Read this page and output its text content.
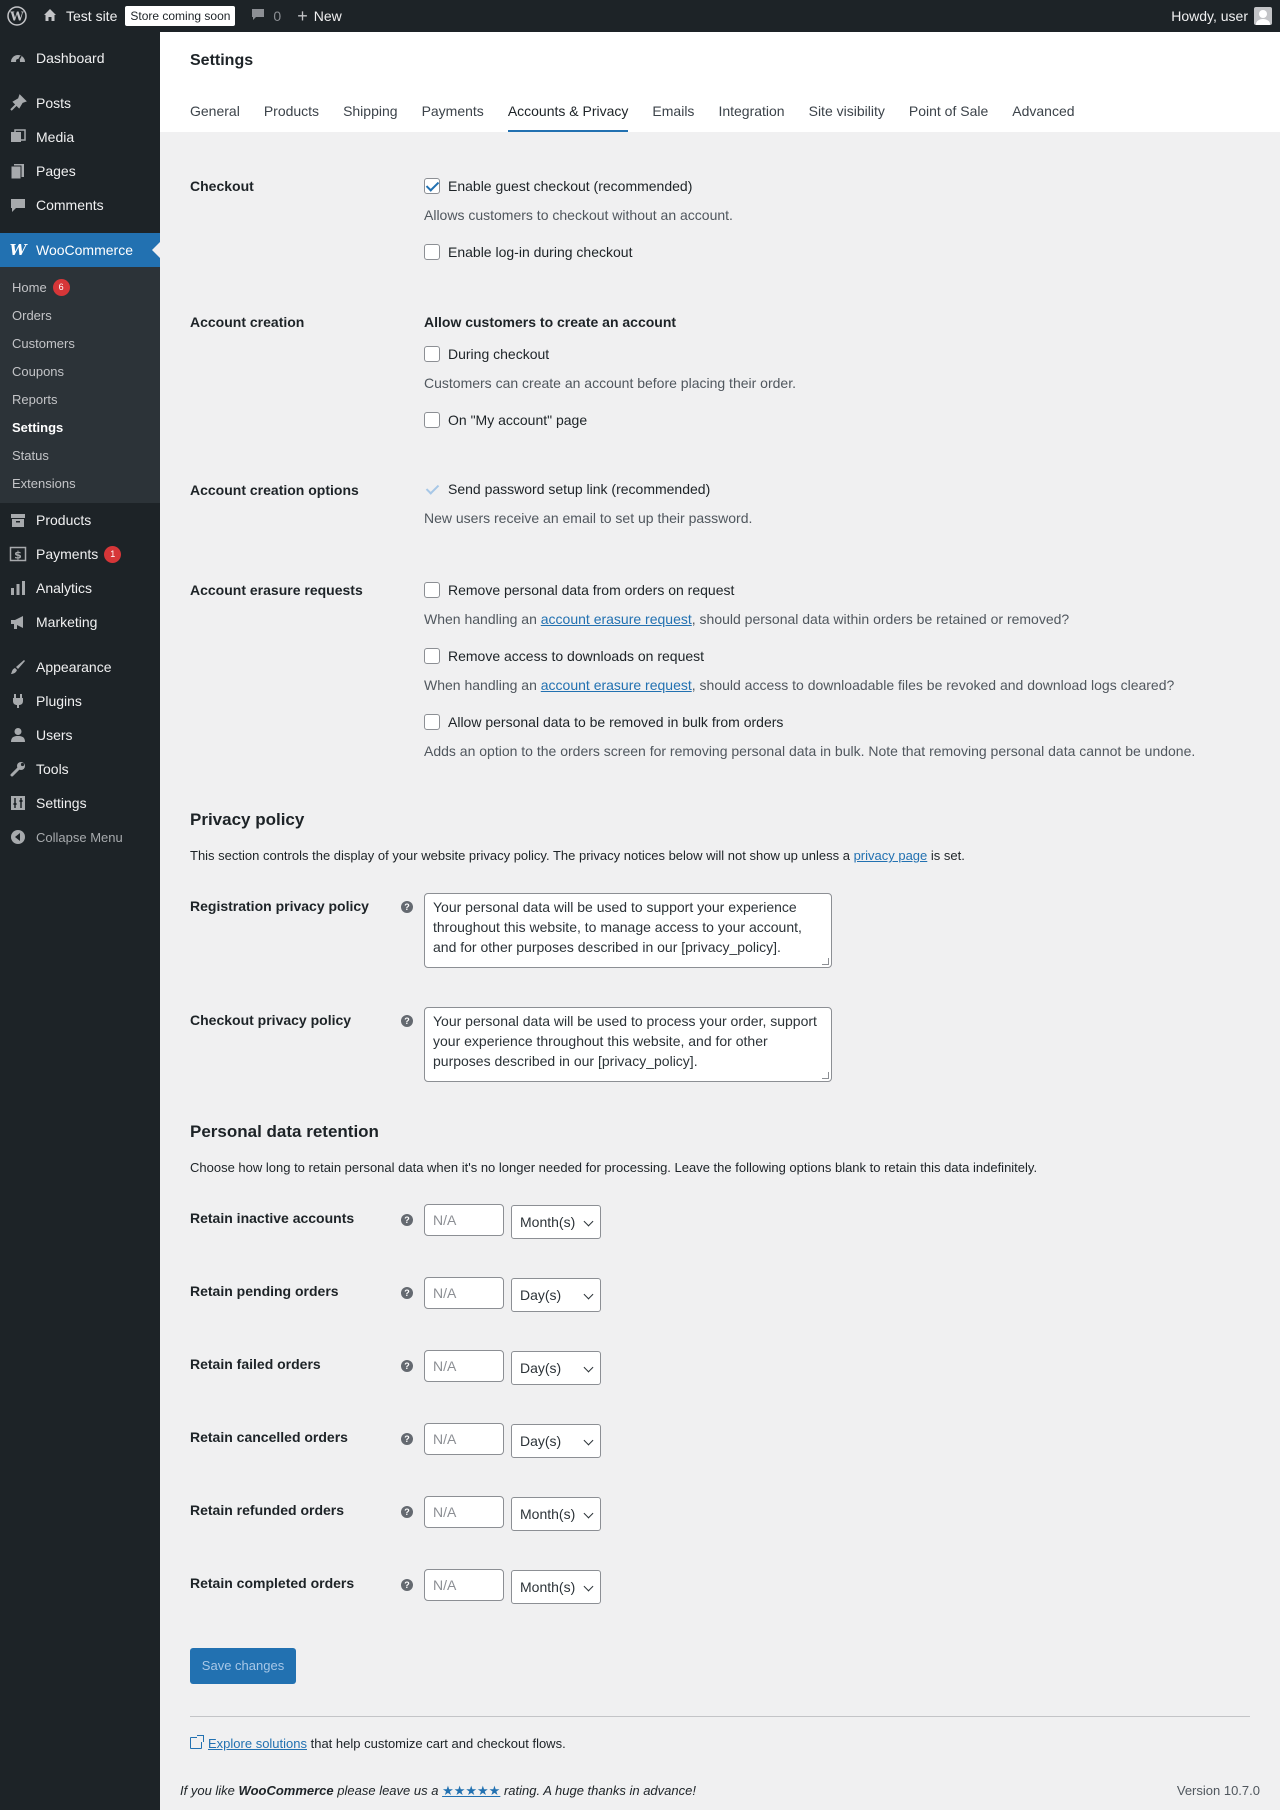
W	Test site	Store coming soon	0 + New	Howdy, user
Dashboard
Posts
Media
Pages
Comments
W WooCommerce
Home	6
Orders
Customers
Coupons
Reports
Settings
Status
Extensions
Products
$ Payments	1
Analytics
Marketing
Appearance
Plugins
Users
Tools
Settings
Collapse Menu
Settings
General Products Shipping Payments Accounts & Privacy Emails Integration Site visibility Point of Sale Advanced
Checkout	Enable guest checkout (recommended)
Allows customers to checkout without an account.
Enable log-in during checkout
Account creation	Allow customers to create an account
During checkout
Customers can create an account before placing their order.
On "My account" page
Account creation options	Send password setup link (recommended)
New users receive an email to set up their password.
Account erasure requests	Remove personal data from orders on request
When handling an account erasure request, should personal data within orders be retained or removed?
Remove access to downloads on request
When handling an account erasure request, should access to downloadable files be revoked and download logs cleared?
Allow personal data to be removed in bulk from orders
Adds an option to the orders screen for removing personal data in bulk. Note that removing personal data cannot be undone.
Privacy policy
This section controls the display of your website privacy policy. The privacy notices below will not show up unless a privacy page is set.
Registration privacy policy	?	Your personal data will be used to support your experience throughout this website, to manage access to your account, and for other purposes described in our [privacy_policy].
Checkout privacy policy	?	Your personal data will be used to process your order, support your experience throughout this website, and for other purposes described in our [privacy_policy].
Personal data retention
Choose how long to retain personal data when it's no longer needed for processing. Leave the following options blank to retain this data indefinitely.
Retain inactive accounts	?	N/A	Month(s)
Retain pending orders	?	N/A	Day(s)
Retain failed orders	?	N/A	Day(s)
Retain cancelled orders	?	N/A	Day(s)
Retain refunded orders	?	N/A	Month(s)
Retain completed orders	?	N/A	Month(s)
Save changes
Explore solutions that help customize cart and checkout flows.
If you like WooCommerce please leave us a ★★★★★ rating. A huge thanks in advance!	Version 10.7.0
